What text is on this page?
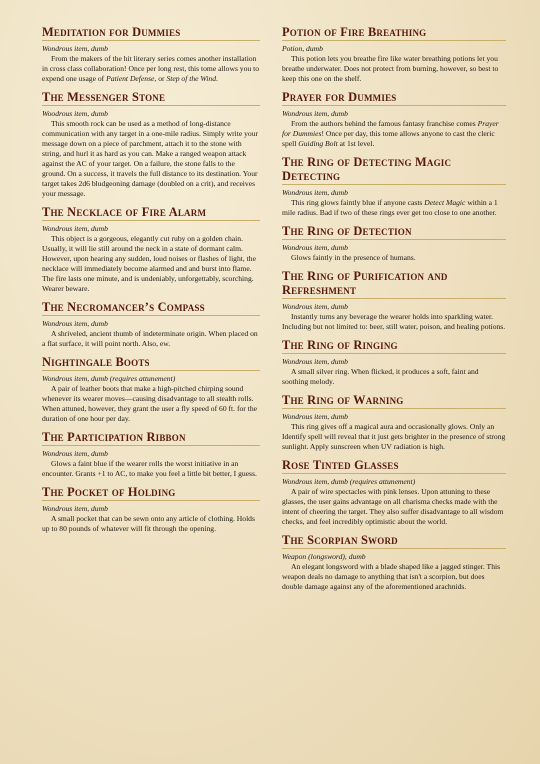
Meditation for Dummies

Wondrous item, dumb

From the makers of the hit literary series comes another installation in cross class collaboration! Once per long rest, this tome allows you to expend one usage of Patient Defense, or Step of the Wind.

The Messenger Stone

Woodrous item, dumb

This smooth rock can be used as a method of long-distance communication with any target in a one-mile radius. Simply write your message down on a piece of parchment, attach it to the stone with string, and hurl it as hard as you can. Make a ranged weapon attack against the AC of your target. On a failure, the stone falls to the ground. On a success, it travels the full distance to its destination. Your target takes 2d6 bludgeoning damage (doubled on a crit), and receives your message.

The Necklace of Fire Alarm

Wondrous item, dumb

This object is a gorgeous, elegantly cut ruby on a golden chain. Usually, it will lie still around the neck in a state of dormant calm. However, upon hearing any sudden, loud noises or flashes of light, the necklace will immediately become alarmed and and burst into flame. The fire lasts one minute, and is undeniably, unforgettably, scorching. Wearer beware.

The Necromancer’s Compass

Wondrous item, dumb

A shriveled, ancient thumb of indeterminate origin. When placed on a flat surface, it will point north. Also, ew.

Nightingale Boots

Wondrous item, dumb (requires attunement)

A pair of leather boots that make a high-pitched chirping sound whenever its wearer moves—causing disadvantage to all stealth rolls. When attuned, however, they grant the user a fly speed of 60 ft. for the duration of one hour per day.

The Participation Ribbon

Wondrous item, dumb

Glows a faint blue if the wearer rolls the worst initiative in an encounter. Grants +1 to AC, to make you feel a little bit better, I guess.

The Pocket of Holding

Wondrous item, dumb

A small pocket that can be sewn onto any article of clothing. Holds up to 80 pounds of whatever will fit through the opening.

Potion of Fire Breathing

Potion, dumb

This potion lets you breathe fire like water breathing potions let you breathe underwater. Does not protect from burning, however, so best to keep this one on the shelf.

Prayer for Dummies

Wondrous item, dumb

From the authors behind the famous fantasy franchise comes Prayer for Dummies! Once per day, this tome allows anyone to cast the cleric spell Guiding Bolt at 1st level.

The Ring of Detecting Magic Detecting

Wondrous item, dumb

This ring glows faintly blue if anyone casts Detect Magic within a 1 mile radius. Bad if two of these rings ever get too close to one another.

The Ring of Detection

Wondrous item, dumb

Glows faintly in the presence of humans.

The Ring of Purification and Refreshment

Wondrous item, dumb

Instantly turns any beverage the wearer holds into sparkling water. Including but not limited to: beer, still water, poison, and healing potions.

The Ring of Ringing

Wondrous item, dumb

A small silver ring. When flicked, it produces a soft, faint and soothing melody.

The Ring of Warning

Wondrous item, dumb

This ring gives off a magical aura and occasionally glows. Only an Identify spell will reveal that it just gets brighter in the presence of strong sunlight. Apply sunscreen when UV radiation is high.

Rose Tinted Glasses

Wondrous item, dumb (requires attunement)

A pair of wire spectacles with pink lenses. Upon attuning to these glasses, the user gains advantage on all charisma checks made with the intent of cheering the target. They also suffer disadvantage to all wisdom checks, and feel incredibly optimistic about the world.

The Scorpian Sword

Weapon (longsword), dumb

An elegant longsword with a blade shaped like a jagged stinger. This weapon deals no damage to anything that isn't a scorpion, but does double damage against any of the aforementioned arachnids.
